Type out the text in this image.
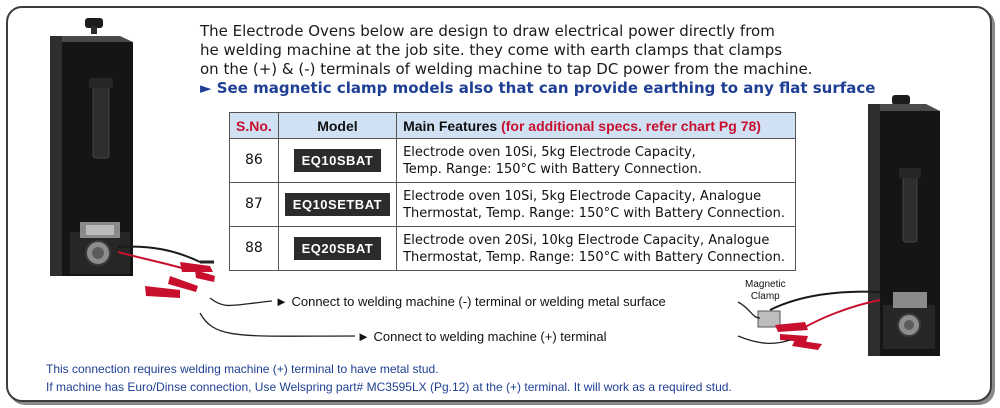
The Electrode Ovens below are design to draw electrical power directly from
he welding machine at the job site. they come with earth clamps that clamps
on the (+) & (-) terminals of welding machine to tap DC power from the machine.
► See magnetic clamp models also that can provide earthing to any flat surface
S.No.	Model	Main Features (for additional specs. refer chart Pg 78)
86	EQ10SBAT	Electrode oven 10Si, 5kg Electrode Capacity,
Temp. Range: 150°C with Battery Connection.
87	EQ10SETBAT	Electrode oven 10Si, 5kg Electrode Capacity, Analogue
Thermostat, Temp. Range: 150°C with Battery Connection.
88	EQ20SBAT	Electrode oven 20Si, 10kg Electrode Capacity, Analogue
Thermostat, Temp. Range: 150°C with Battery Connection.
► Connect to welding machine (-) terminal or welding metal surface
► Connect to welding machine (+) terminal
Magnetic
Clamp
This connection requires welding machine (+) terminal to have metal stud.
If machine has Euro/Dinse connection, Use Welspring part# MC3595LX (Pg.12) at the (+) terminal. It will work as a required stud.
